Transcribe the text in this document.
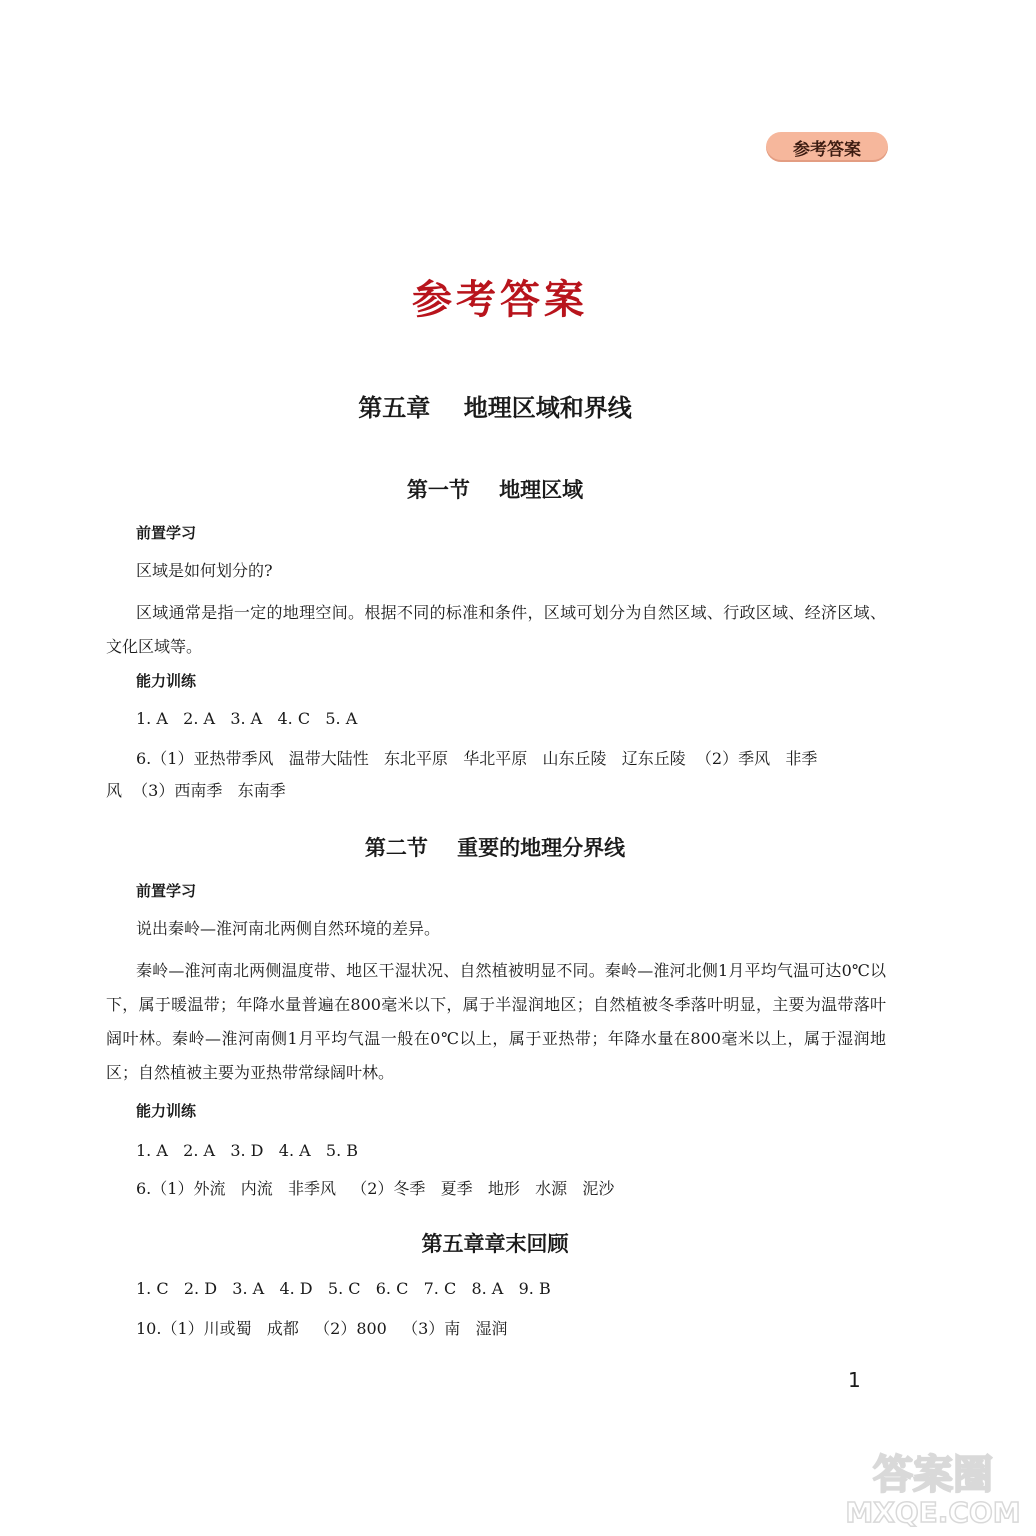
参考答案
参考答案
第五章    地理区域和界线
第一节    地理区域
前置学习
区域是如何划分的?
区域通常是指一定的地理空间。根据不同的标准和条件，区域可划分为自然区域、行政区域、经济区域、文化区域等。
能力训练
1. A   2. A   3. A   4. C   5. A
6.（1）亚热带季风   温带大陆性   东北平原   华北平原   山东丘陵   辽东丘陵  （2）季风   非季
风  （3）西南季   东南季
第二节    重要的地理分界线
前置学习
说出秦岭—淮河南北两侧自然环境的差异。
秦岭—淮河南北两侧温度带、地区干湿状况、自然植被明显不同。秦岭—淮河北侧1月平均气温可达0℃以下，属于暖温带；年降水量普遍在800毫米以下，属于半湿润地区；自然植被冬季落叶明显，主要为温带落叶阔叶林。秦岭—淮河南侧1月平均气温一般在0℃以上，属于亚热带；年降水量在800毫米以上，属于湿润地区；自然植被主要为亚热带常绿阔叶林。
能力训练
1. A   2. A   3. D   4. A   5. B
6.（1）外流   内流   非季风   （2）冬季   夏季   地形   水源   泥沙
第五章章末回顾
1. C   2. D   3. A   4. D   5. C   6. C   7. C   8. A   9. B
10.（1）川或蜀   成都   （2）800   （3）南   湿润
1
答案圈
MXQE.COM
